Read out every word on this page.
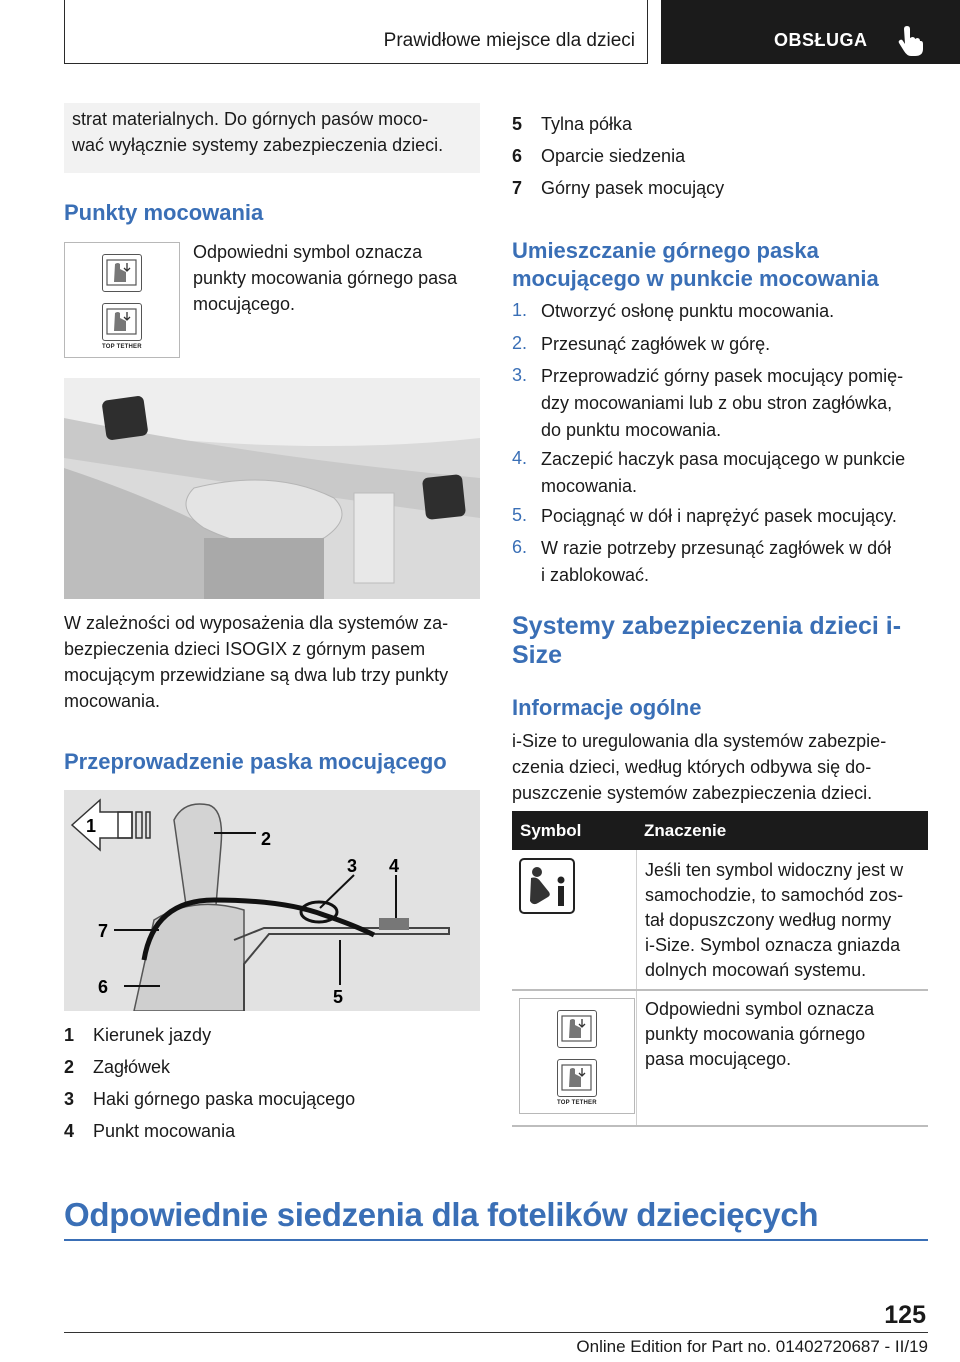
Prawidłowe miejsce dla dzieci	OBSŁUGA
strat materialnych. Do górnych pasów moco-
wać wyłącznie systemy zabezpieczenia dzieci.
Punkty mocowania
TOP TETHER
Odpowiedni symbol oznacza
punkty mocowania górnego pasa
mocującego.
W zależności od wyposażenia dla systemów za-
bezpieczenia dzieci ISOGIX z górnym pasem
mocującym przewidziane są dwa lub trzy punkty
mocowania.
Przeprowadzenie paska mocującego
1
2
3 4
5
6
7
1	Kierunek jazdy
2	Zagłówek
3	Haki górnego paska mocującego
4	Punkt mocowania
5 Tylna półka
6 Oparcie siedzenia
7 Górny pasek mocujący
Umieszczanie górnego paska
mocującego w punkcie mocowania
1. Otworzyć osłonę punktu mocowania.
2. Przesunąć zagłówek w górę.
3. Przeprowadzić górny pasek mocujący pomię-
dzy mocowaniami lub z obu stron zagłówka,
do punktu mocowania.
4. Zaczepić haczyk pasa mocującego w punkcie
mocowania.
5. Pociągnąć w dół i naprężyć pasek mocujący.
6. W razie potrzeby przesunąć zagłówek w dół
i zablokować.
Systemy zabezpieczenia dzieci i-
Size
Informacje ogólne
i-Size to uregulowania dla systemów zabezpie-
czenia dzieci, według których odbywa się do-
puszczenie systemów zabezpieczenia dzieci.
Symbol	Znaczenie
Jeśli ten symbol widoczny jest w
samochodzie, to samochód zos-
tał dopuszczony według normy
i-Size. Symbol oznacza gniazda
dolnych mocowań systemu.
TOP TETHER
Odpowiedni symbol oznacza
punkty mocowania górnego
pasa mocującego.
Odpowiednie siedzenia dla fotelików dziecięcych
125
Online Edition for Part no. 01402720687 - II/19
